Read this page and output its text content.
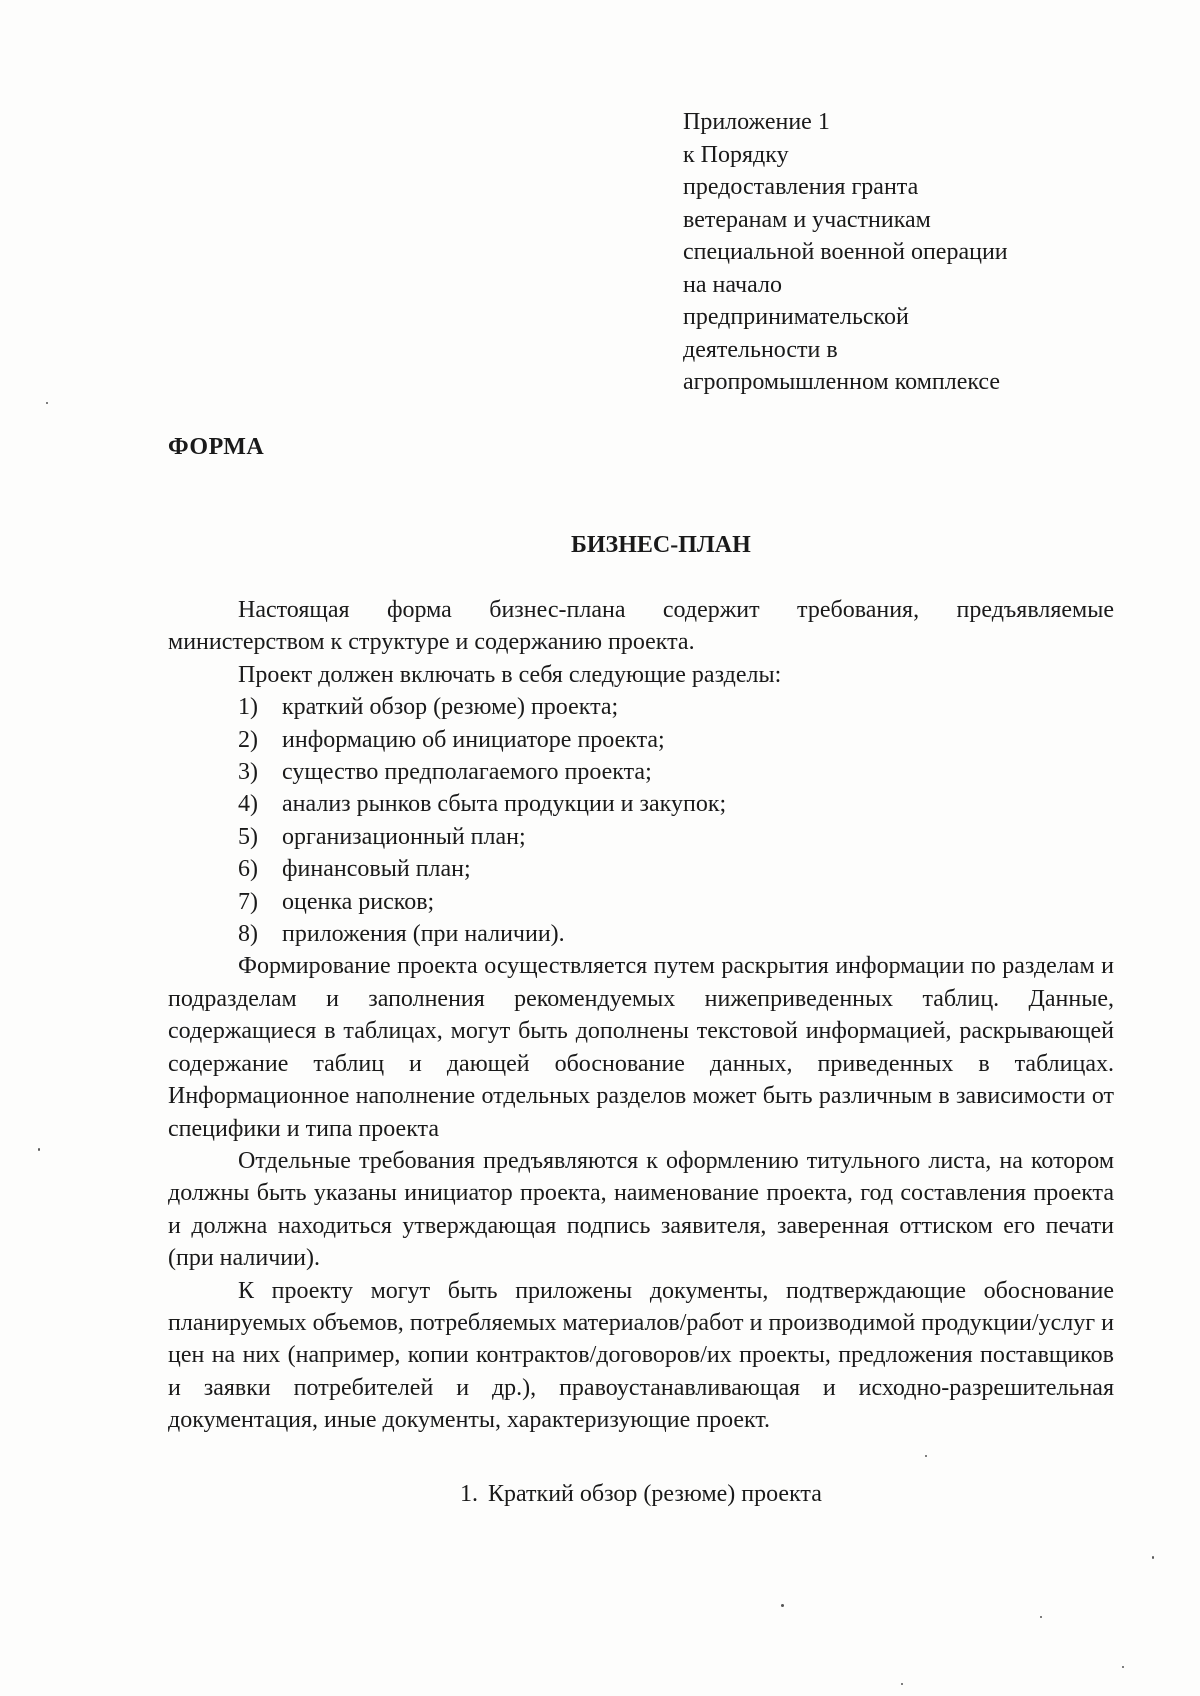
Приложение 1
к Порядку
предоставления гранта
ветеранам и участникам
специальной военной операции
на начало
предпринимательской
деятельности в
агропромышленном комплексе
ФОРМА
БИЗНЕС-ПЛАН

Настоящая форма бизнес-плана содержит требования, предъявляемые министерством к структуре и содержанию проекта.

Проект должен включать в себя следующие разделы:

1) краткий обзор (резюме) проекта;
2) информацию об инициаторе проекта;
3) существо предполагаемого проекта;
4) анализ рынков сбыта продукции и закупок;
5) организационный план;
6) финансовый план;
7) оценка рисков;
8) приложения (при наличии).

Формирование проекта осуществляется путем раскрытия информации по разделам и подразделам и заполнения рекомендуемых нижеприведенных таблиц. Данные, содержащиеся в таблицах, могут быть дополнены текстовой информацией, раскрывающей содержание таблиц и дающей обоснование данных, приведенных в таблицах. Информационное наполнение отдельных разделов может быть различным в зависимости от специфики и типа проекта

Отдельные требования предъявляются к оформлению титульного листа, на котором должны быть указаны инициатор проекта, наименование проекта, год составления проекта и должна находиться утверждающая подпись заявителя, заверенная оттиском его печати (при наличии).

К проекту могут быть приложены документы, подтверждающие обоснование планируемых объемов, потребляемых материалов/работ и производимой продукции/услуг и цен на них (например, копии контрактов/договоров/их проекты, предложения поставщиков и заявки потребителей и др.), правоустанавливающая и исходно-разрешительная документация, иные документы, характеризующие проект.

1. Краткий обзор (резюме) проекта
